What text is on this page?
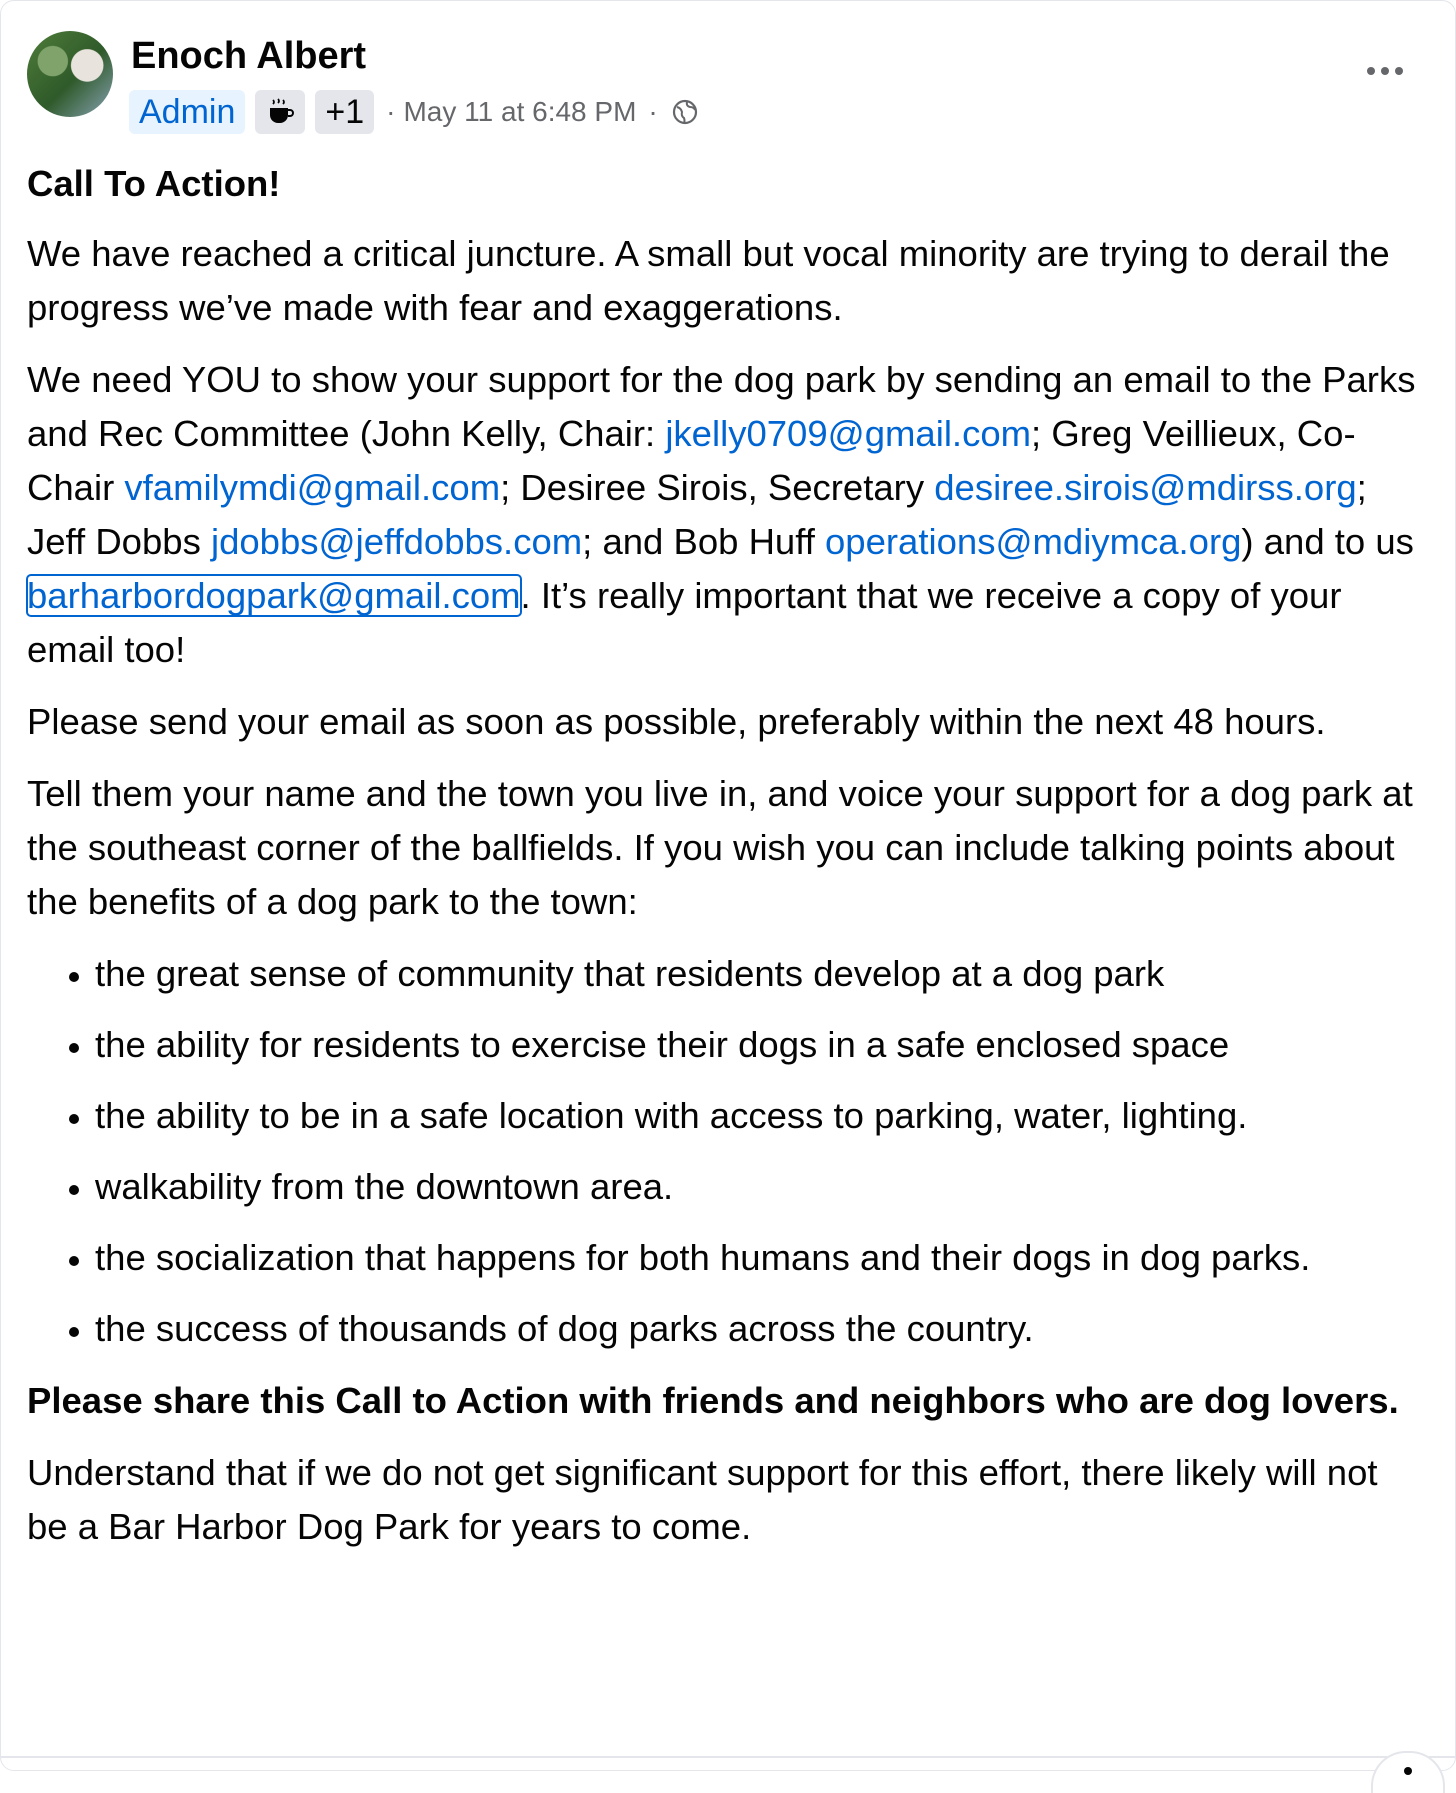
Enoch Albert
Admin	+1 · May 11 at 6:48 PM ·

Call To Action!

We have reached a critical juncture. A small but vocal minority are trying to derail the progress we’ve made with fear and exaggerations.

We need YOU to show your support for the dog park by sending an email to the Parks and Rec Committee (John Kelly, Chair: jkelly0709@gmail.com; Greg Veillieux, Co-Chair vfamilymdi@gmail.com; Desiree Sirois, Secretary desiree.sirois@mdirss.org; Jeff Dobbs jdobbs@jeffdobbs.com; and Bob Huff operations@mdiymca.org) and to us barharbordogpark@gmail.com. It’s really important that we receive a copy of your email too!

Please send your email as soon as possible, preferably within the next 48 hours.

Tell them your name and the town you live in, and voice your support for a dog park at the southeast corner of the ballfields. If you wish you can include talking points about the benefits of a dog park to the town:

• the great sense of community that residents develop at a dog park
• the ability for residents to exercise their dogs in a safe enclosed space
• the ability to be in a safe location with access to parking, water, lighting.
• walkability from the downtown area.
• the socialization that happens for both humans and their dogs in dog parks.
• the success of thousands of dog parks across the country.

Please share this Call to Action with friends and neighbors who are dog lovers.

Understand that if we do not get significant support for this effort, there likely will not be a Bar Harbor Dog Park for years to come.
